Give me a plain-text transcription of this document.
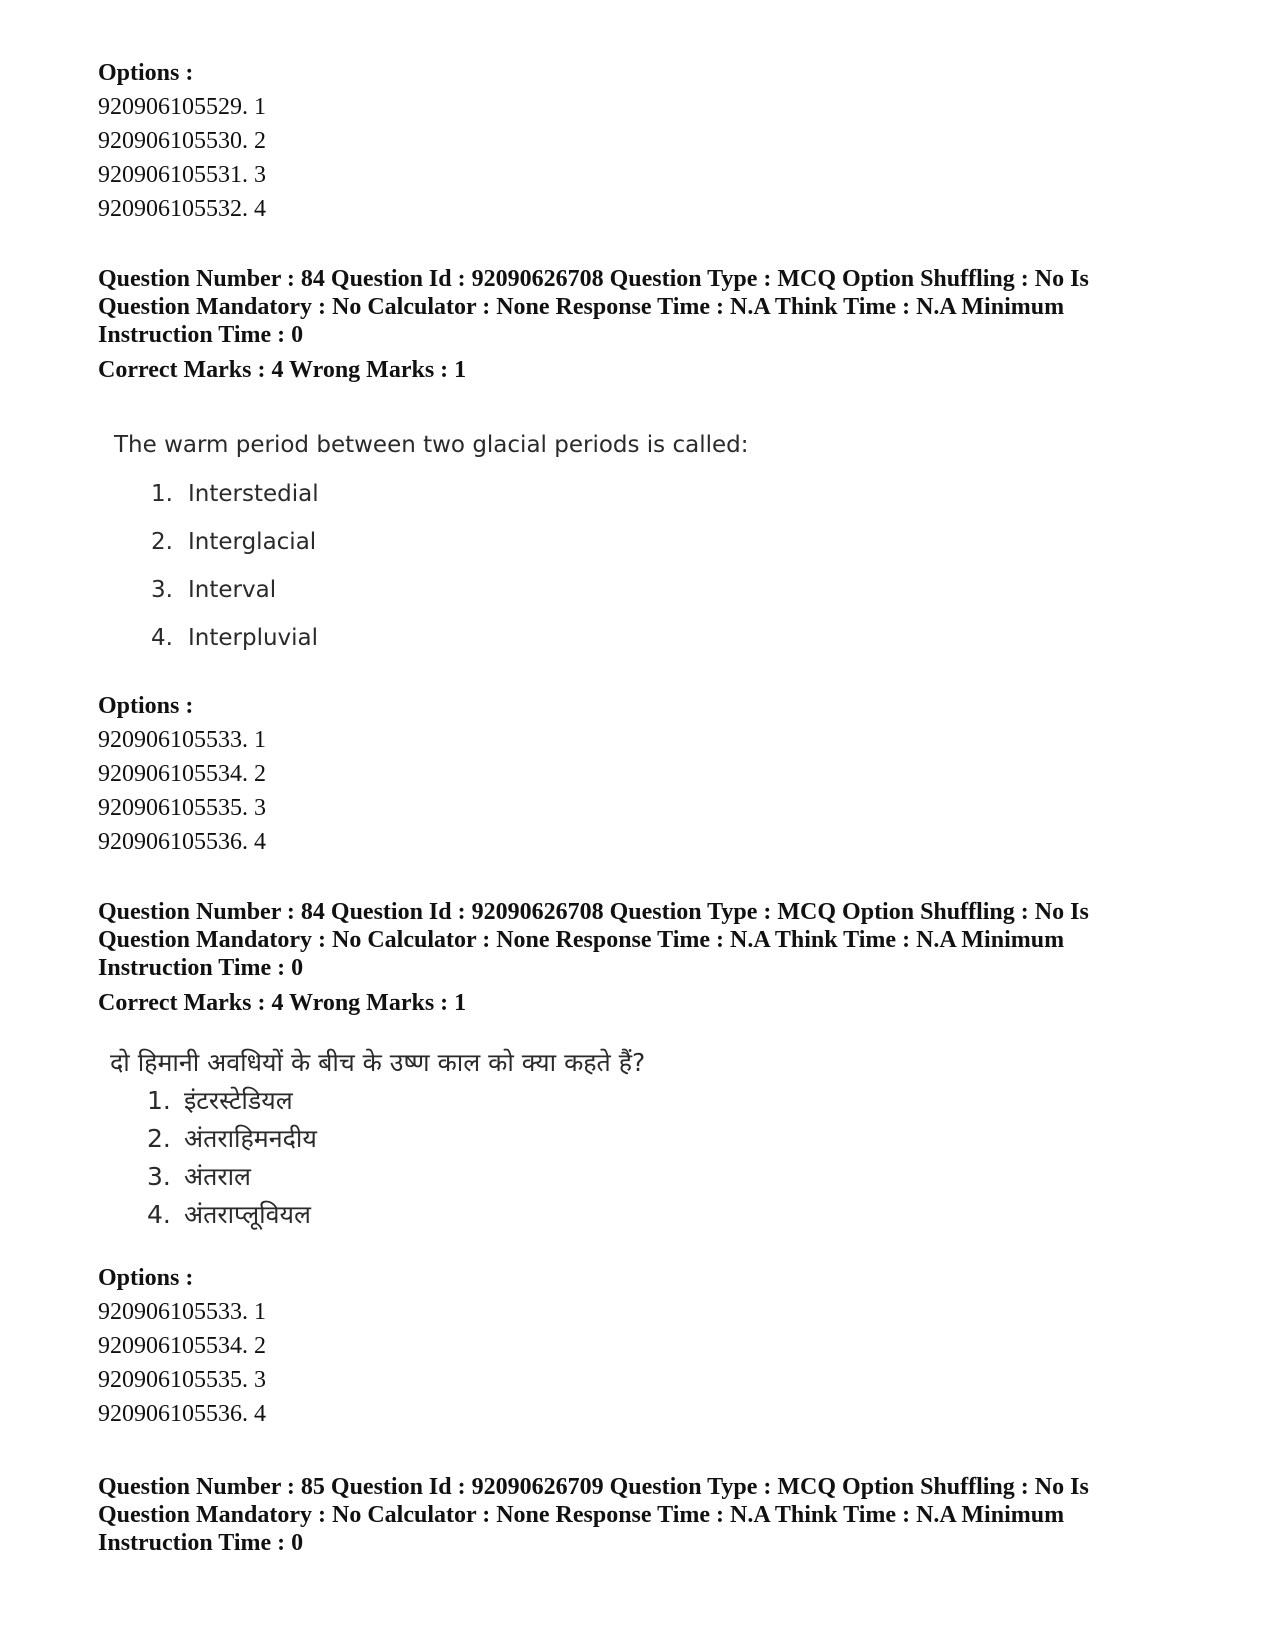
Options :
920906105529. 1
920906105530. 2
920906105531. 3
920906105532. 4
Question Number : 84 Question Id : 92090626708 Question Type : MCQ Option Shuffling : No Is
Question Mandatory : No Calculator : None Response Time : N.A Think Time : N.A Minimum
Instruction Time : 0
Correct Marks : 4 Wrong Marks : 1
The warm period between two glacial periods is called:
1. Interstedial
2. Interglacial
3. Interval
4. Interpluvial
Options :
920906105533. 1
920906105534. 2
920906105535. 3
920906105536. 4
Question Number : 84 Question Id : 92090626708 Question Type : MCQ Option Shuffling : No Is
Question Mandatory : No Calculator : None Response Time : N.A Think Time : N.A Minimum
Instruction Time : 0
Correct Marks : 4 Wrong Marks : 1
दो हिमानी अवधियों के बीच के उष्ण काल को क्या कहते हैं?
1. इंटरस्टेडियल
2. अंतराहिमनदीय
3. अंतराल
4. अंतराप्लूवियल
Options :
920906105533. 1
920906105534. 2
920906105535. 3
920906105536. 4
Question Number : 85 Question Id : 92090626709 Question Type : MCQ Option Shuffling : No Is
Question Mandatory : No Calculator : None Response Time : N.A Think Time : N.A Minimum
Instruction Time : 0
